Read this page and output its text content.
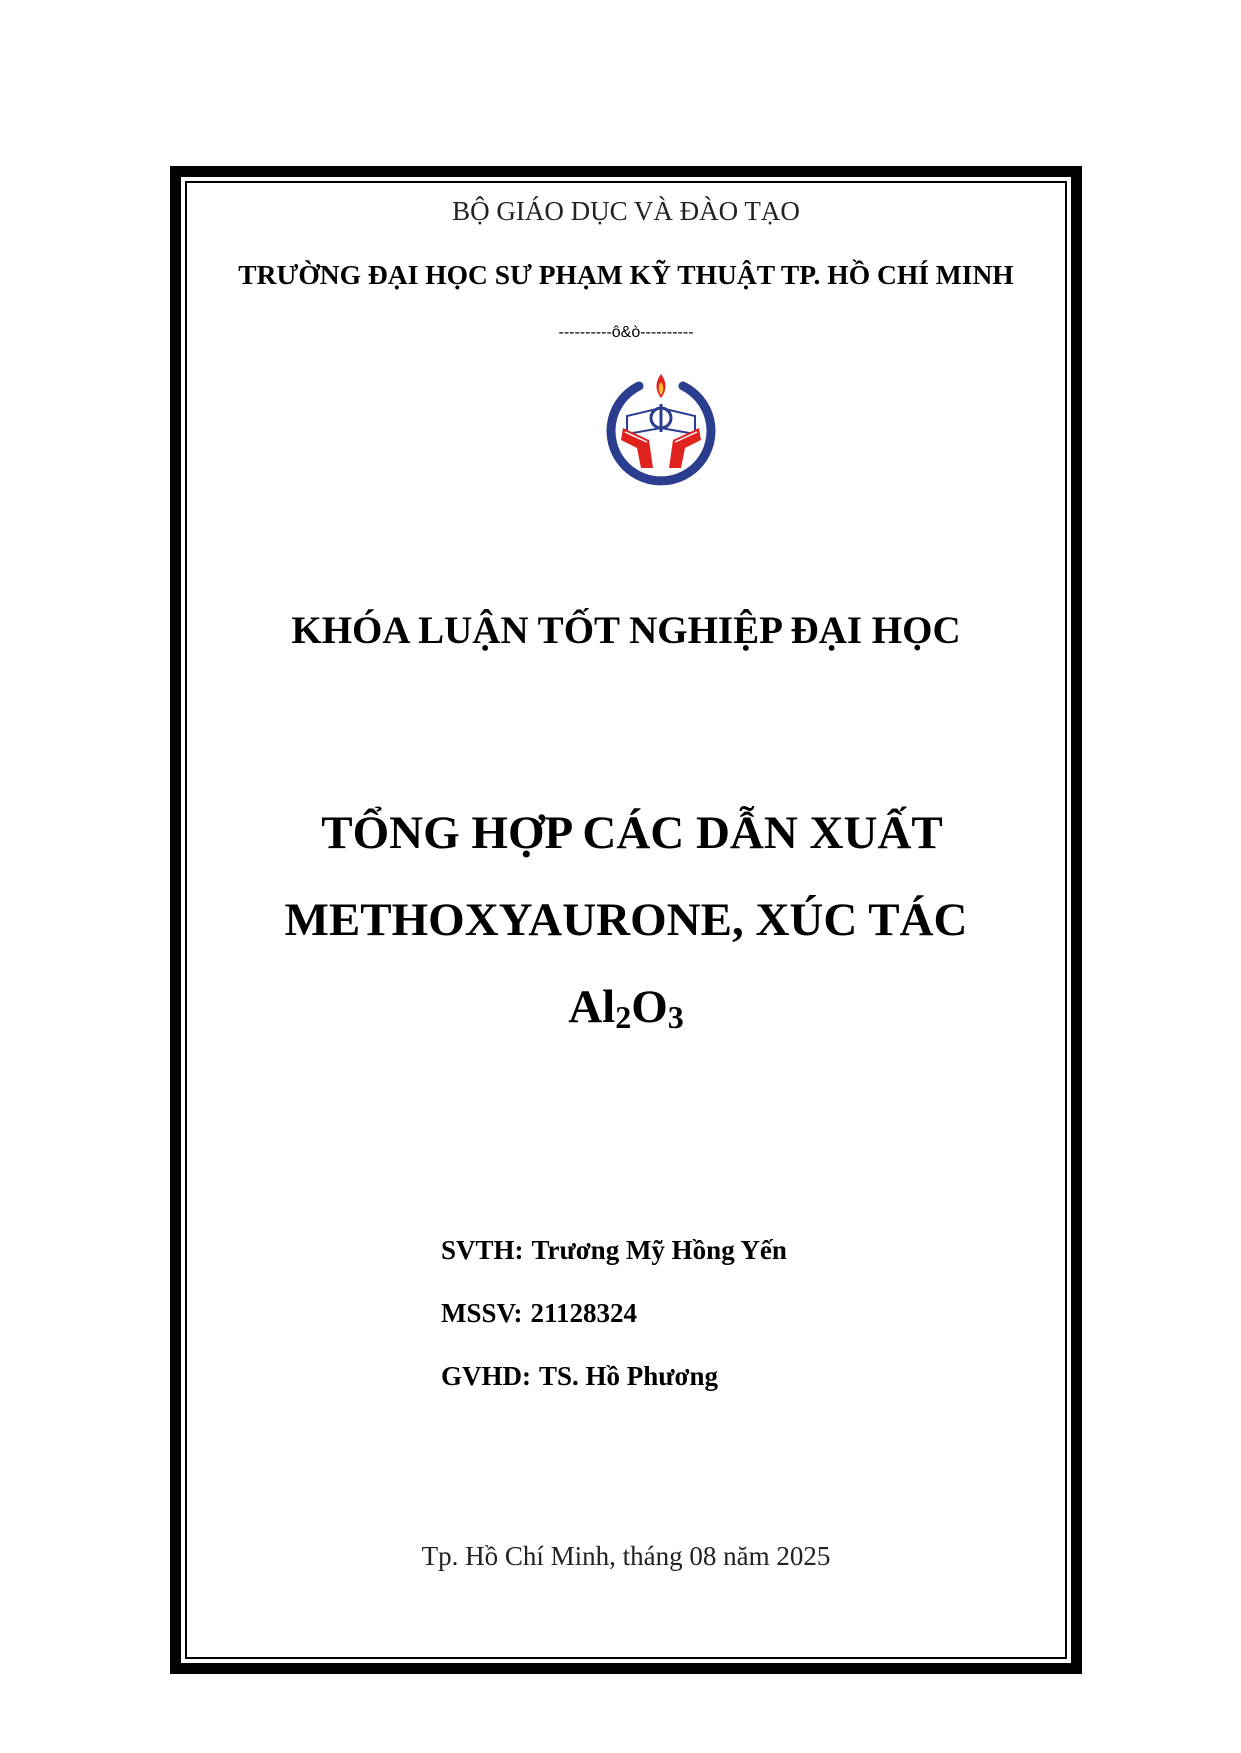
BỘ GIÁO DỤC VÀ ĐÀO TẠO
TRƯỜNG ĐẠI HỌC SƯ PHẠM KỸ THUẬT TP. HỒ CHÍ MINH
----------ô&ò----------
KHÓA LUẬN TỐT NGHIỆP ĐẠI HỌC
TỔNG HỢP CÁC DẪN XUẤT
METHOXYAURONE, XÚC TÁC
$Al_2O_3$
SVTH: Trương Mỹ Hồng Yến
MSSV: 21128324
GVHD: TS. Hồ Phương
Tp. Hồ Chí Minh, tháng 08 năm 2025
